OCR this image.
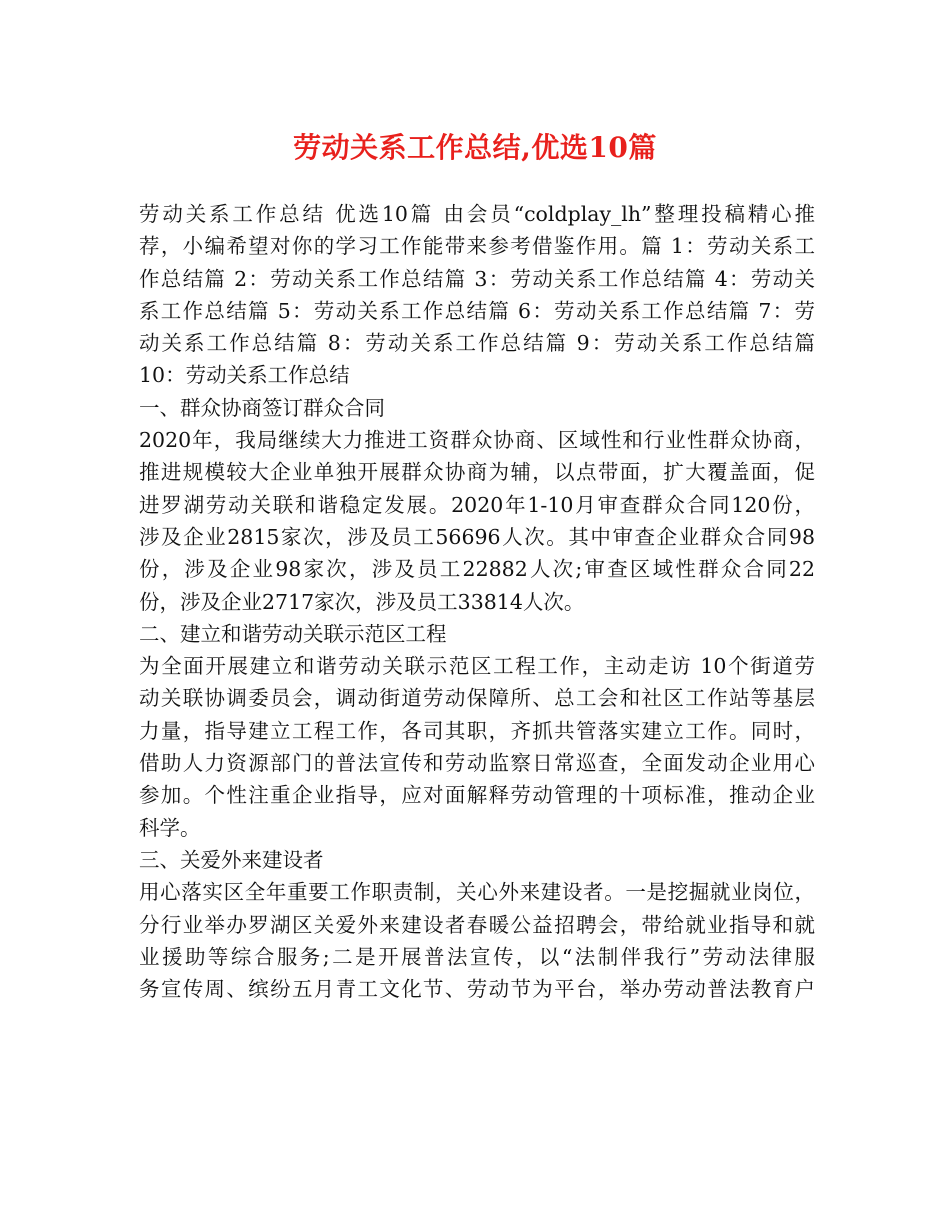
劳动关系工作总结,优选10篇
劳动关系工作总结 优选10篇 由会员“coldplay_lh”整理投稿精心推
荐，小编希望对你的学习工作能带来参考借鉴作用。篇 1：劳动关系工
作总结篇 2：劳动关系工作总结篇 3：劳动关系工作总结篇 4：劳动关
系工作总结篇 5：劳动关系工作总结篇 6：劳动关系工作总结篇 7：劳
动关系工作总结篇 8：劳动关系工作总结篇 9：劳动关系工作总结篇
10：劳动关系工作总结
一、群众协商签订群众合同
2020年，我局继续大力推进工资群众协商、区域性和行业性群众协商，
推进规模较大企业单独开展群众协商为辅，以点带面，扩大覆盖面，促
进罗湖劳动关联和谐稳定发展。2020年1-10月审查群众合同120份，
涉及企业2815家次，涉及员工56696人次。其中审查企业群众合同98
份，涉及企业98家次，涉及员工22882人次;审查区域性群众合同22
份，涉及企业2717家次，涉及员工33814人次。
二、建立和谐劳动关联示范区工程
为全面开展建立和谐劳动关联示范区工程工作，主动走访 10个街道劳
动关联协调委员会，调动街道劳动保障所、总工会和社区工作站等基层
力量，指导建立工程工作，各司其职，齐抓共管落实建立工作。同时，
借助人力资源部门的普法宣传和劳动监察日常巡查，全面发动企业用心
参加。个性注重企业指导，应对面解释劳动管理的十项标准，推动企业
科学。
三、关爱外来建设者
用心落实区全年重要工作职责制，关心外来建设者。一是挖掘就业岗位，
分行业举办罗湖区关爱外来建设者春暖公益招聘会，带给就业指导和就
业援助等综合服务;二是开展普法宣传，以“法制伴我行”劳动法律服
务宣传周、缤纷五月青工文化节、劳动节为平台，举办劳动普法教育户
